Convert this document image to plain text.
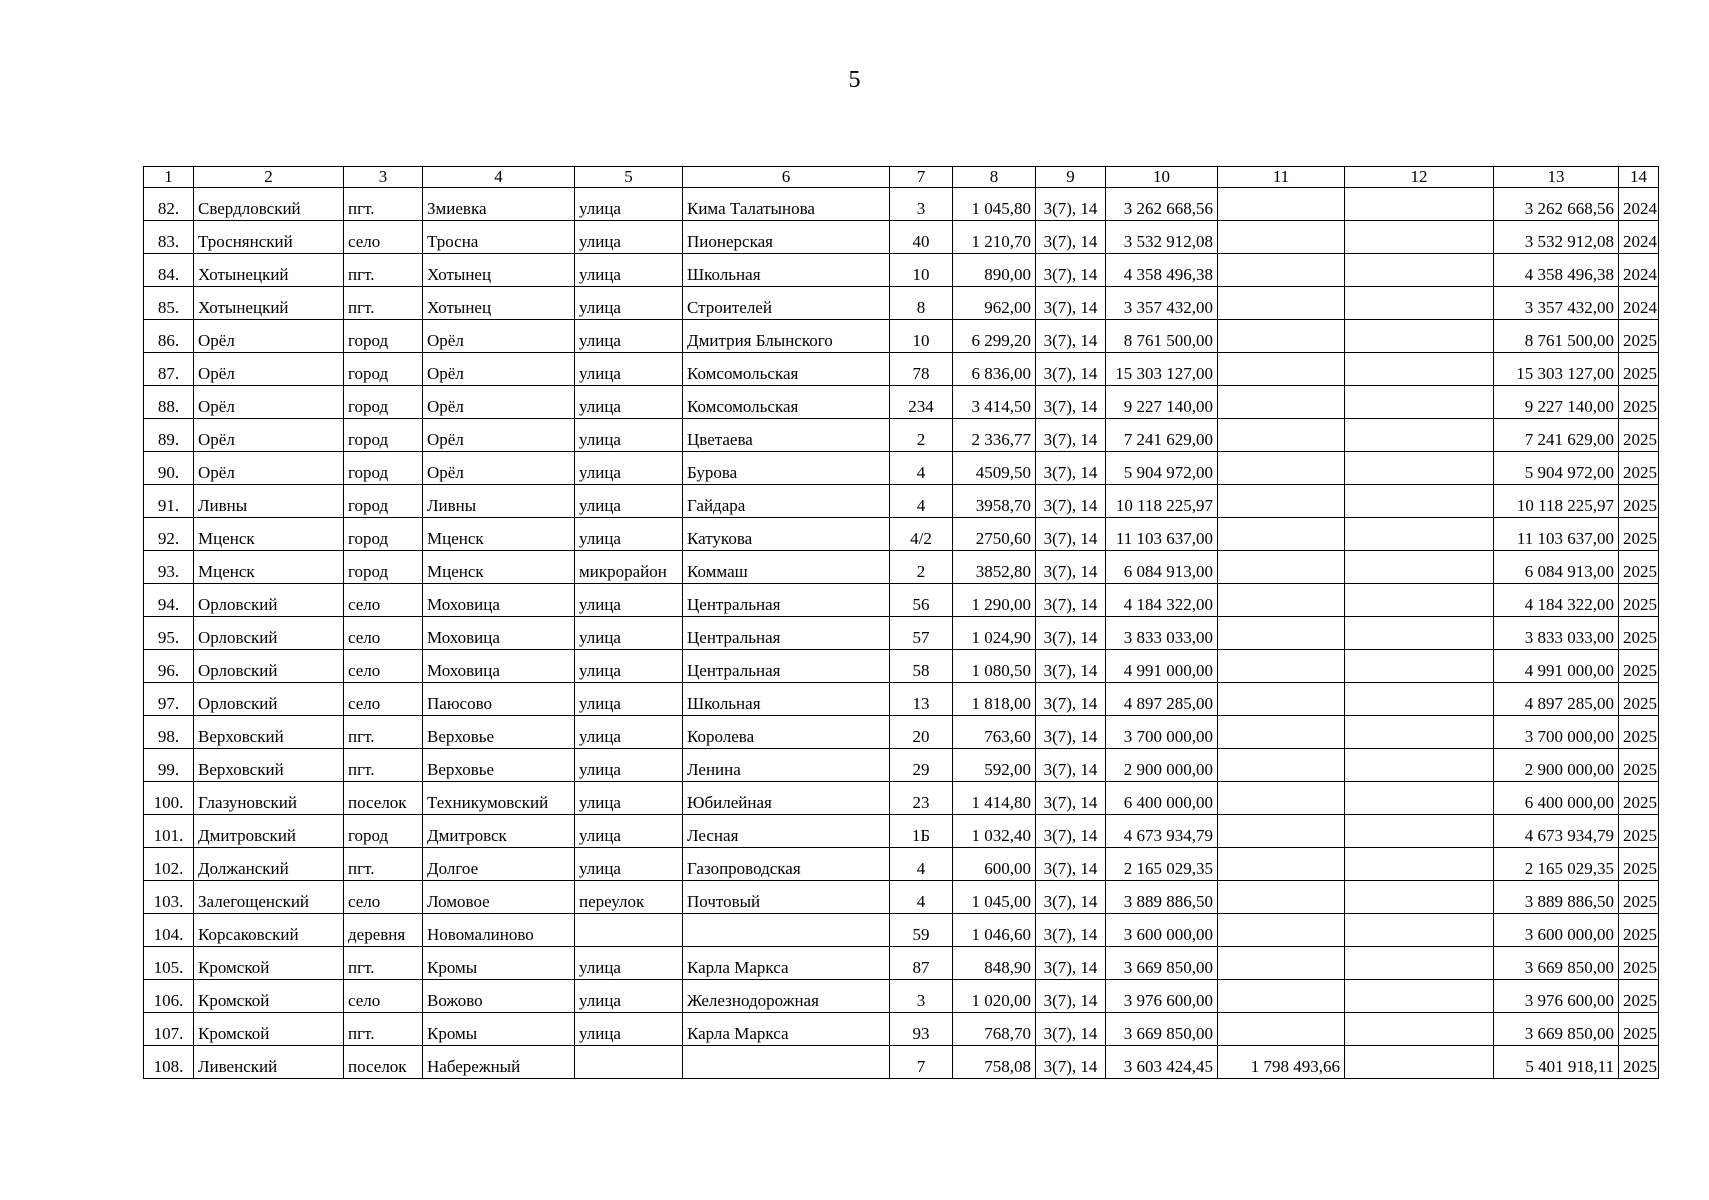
5
1	2	3	4	5	6	7	8	9	10	11	12	13	14
82.	Свердловский	пгт.	Змиевка	улица	Кима Талатынова	3	1 045,80	3(7), 14	3 262 668,56			3 262 668,56	2024
83.	Троснянский	село	Тросна	улица	Пионерская	40	1 210,70	3(7), 14	3 532 912,08			3 532 912,08	2024
84.	Хотынецкий	пгт.	Хотынец	улица	Школьная	10	890,00	3(7), 14	4 358 496,38			4 358 496,38	2024
85.	Хотынецкий	пгт.	Хотынец	улица	Строителей	8	962,00	3(7), 14	3 357 432,00			3 357 432,00	2024
86.	Орёл	город	Орёл	улица	Дмитрия Блынского	10	6 299,20	3(7), 14	8 761 500,00			8 761 500,00	2025
87.	Орёл	город	Орёл	улица	Комсомольская	78	6 836,00	3(7), 14	15 303 127,00			15 303 127,00	2025
88.	Орёл	город	Орёл	улица	Комсомольская	234	3 414,50	3(7), 14	9 227 140,00			9 227 140,00	2025
89.	Орёл	город	Орёл	улица	Цветаева	2	2 336,77	3(7), 14	7 241 629,00			7 241 629,00	2025
90.	Орёл	город	Орёл	улица	Бурова	4	4509,50	3(7), 14	5 904 972,00			5 904 972,00	2025
91.	Ливны	город	Ливны	улица	Гайдара	4	3958,70	3(7), 14	10 118 225,97			10 118 225,97	2025
92.	Мценск	город	Мценск	улица	Катукова	4/2	2750,60	3(7), 14	11 103 637,00			11 103 637,00	2025
93.	Мценск	город	Мценск	микрорайон	Коммаш	2	3852,80	3(7), 14	6 084 913,00			6 084 913,00	2025
94.	Орловский	село	Моховица	улица	Центральная	56	1 290,00	3(7), 14	4 184 322,00			4 184 322,00	2025
95.	Орловский	село	Моховица	улица	Центральная	57	1 024,90	3(7), 14	3 833 033,00			3 833 033,00	2025
96.	Орловский	село	Моховица	улица	Центральная	58	1 080,50	3(7), 14	4 991 000,00			4 991 000,00	2025
97.	Орловский	село	Паюсово	улица	Школьная	13	1 818,00	3(7), 14	4 897 285,00			4 897 285,00	2025
98.	Верховский	пгт.	Верховье	улица	Королева	20	763,60	3(7), 14	3 700 000,00			3 700 000,00	2025
99.	Верховский	пгт.	Верховье	улица	Ленина	29	592,00	3(7), 14	2 900 000,00			2 900 000,00	2025
100.	Глазуновский	поселок	Техникумовский	улица	Юбилейная	23	1 414,80	3(7), 14	6 400 000,00			6 400 000,00	2025
101.	Дмитровский	город	Дмитровск	улица	Лесная	1Б	1 032,40	3(7), 14	4 673 934,79			4 673 934,79	2025
102.	Должанский	пгт.	Долгое	улица	Газопроводская	4	600,00	3(7), 14	2 165 029,35			2 165 029,35	2025
103.	Залегощенский	село	Ломовое	переулок	Почтовый	4	1 045,00	3(7), 14	3 889 886,50			3 889 886,50	2025
104.	Корсаковский	деревня	Новомалиново			59	1 046,60	3(7), 14	3 600 000,00			3 600 000,00	2025
105.	Кромской	пгт.	Кромы	улица	Карла Маркса	87	848,90	3(7), 14	3 669 850,00			3 669 850,00	2025
106.	Кромской	село	Вожово	улица	Железнодорожная	3	1 020,00	3(7), 14	3 976 600,00			3 976 600,00	2025
107.	Кромской	пгт.	Кромы	улица	Карла Маркса	93	768,70	3(7), 14	3 669 850,00			3 669 850,00	2025
108.	Ливенский	поселок	Набережный			7	758,08	3(7), 14	3 603 424,45	1 798 493,66		5 401 918,11	2025
